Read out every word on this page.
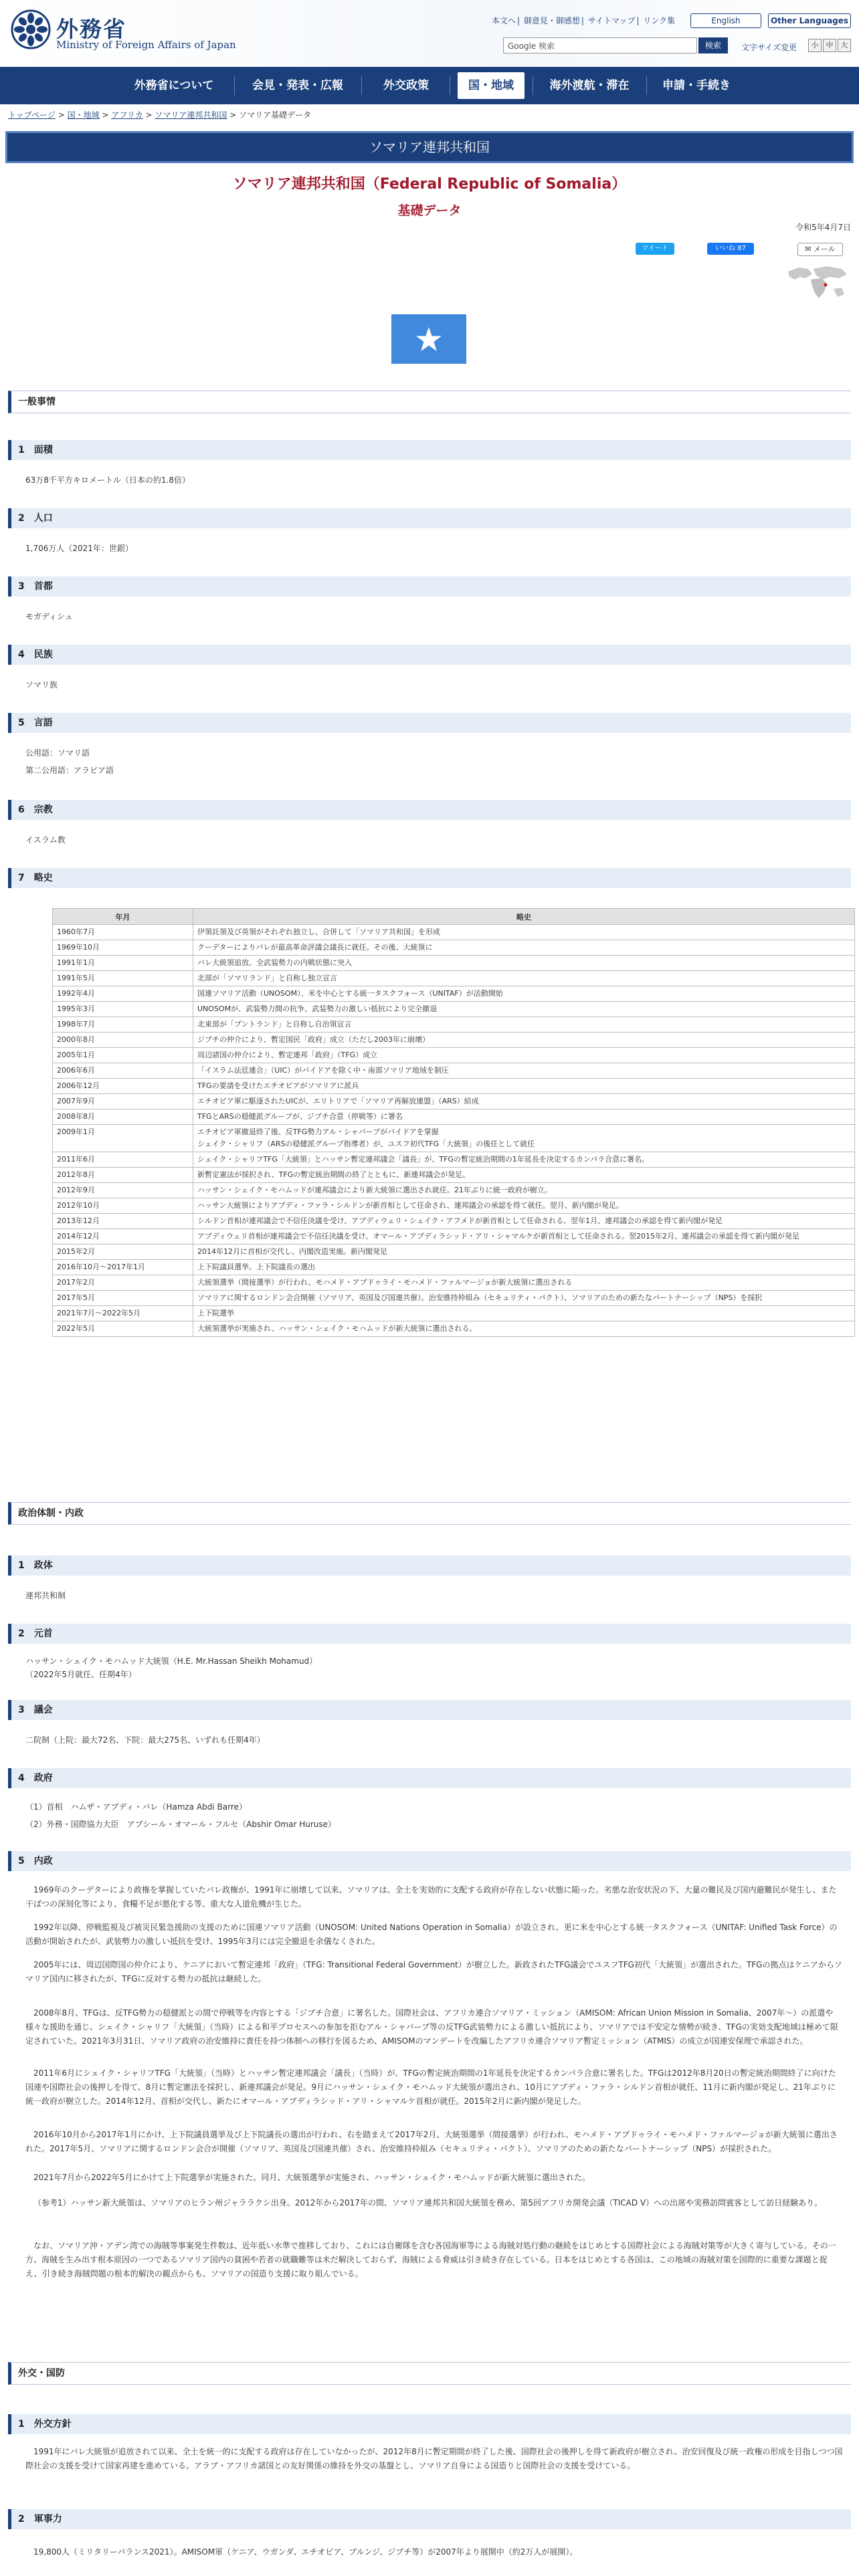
外務省
Ministry of Foreign Affairs of Japan
本文へ | 御意見・御感想 | サイトマップ | リンク集	English	Other Languages
Google 検索	検索	文字サイズ変更	小	中	大
外務省について	会見・発表・広報	外交政策	国・地域	海外渡航・滞在	申請・手続き
トップページ > 国・地域 > アフリカ > ソマリア連邦共和国 > ソマリア基礎データ
ソマリア連邦共和国
ソマリア連邦共和国（Federal Republic of Somalia）
基礎データ
令和5年4月7日
ツイート	いいね 87	✉ メール
一般事情
1　面積
63万8千平方キロメートル（日本の約1.8倍）
2　人口
1,706万人（2021年：世銀）
3　首都
モガディシュ
4　民族
ソマリ族
5　言語
公用語：ソマリ語
第二公用語：アラビア語
6　宗教
イスラム教
7　略史
年月	略史
1960年7月	伊領託領及び英領がそれぞれ独立し、合併して「ソマリア共和国」を形成
1969年10月	クーデターによりバレが最高革命評議会議長に就任。その後、大統領に
1991年1月	バレ大統領追放。全武装勢力の内戦状態に突入
1991年5月	北部が「ソマリランド」と自称し独立宣言
1992年4月	国連ソマリア活動（UNOSOM）、米を中心とする統一タスクフォース（UNITAF）が活動開始
1995年3月	UNOSOMが、武装勢力間の抗争、武装勢力の激しい抵抗により完全撤退
1998年7月	北東部が「プントランド」と自称し自治領宣言
2000年8月	ジブチの仲介により、暫定国民「政府」成立（ただし2003年に崩壊）
2005年1月	周辺諸国の仲介により、暫定連邦「政府」（TFG）成立
2006年6月	「イスラム法廷連合」（UIC）がバイドアを除く中・南部ソマリア地域を制圧
2006年12月	TFGの要請を受けたエチオピアがソマリアに派兵
2007年9月	エチオピア軍に駆逐されたUICが、エリトリアで「ソマリア再解放連盟」（ARS）結成
2008年8月	TFGとARSの穏健派グループが、ジブチ合意（停戦等）に署名
2009年1月	エチオピア軍撤退終了後、反TFG勢力アル・シャバーブがバイドアを掌握
シェイク・シャリフ（ARSの穏健派グループ指導者）が、ユスフ初代TFG「大統領」の後任として就任
2011年6月	シェイク・シャリフTFG「大統領」とハッサン暫定連邦議会「議長」が、TFGの暫定統治期間の1年延長を決定するカンパラ合意に署名。
2012年8月	新暫定憲法が採択され、TFGの暫定統治期間の終了とともに、新連邦議会が発足。
2012年9月	ハッサン・シェイク・モハムッドが連邦議会により新大統領に選出され就任。21年ぶりに統一政府が樹立。
2012年10月	ハッサン大統領によりアブディ・ファラ・シルドンが新首相として任命され、連邦議会の承認を得て就任。翌月、新内閣が発足。
2013年12月	シルドン首相が連邦議会で不信任決議を受け、アブディウェリ・シェイク・アフメドが新首相として任命される。翌年1月、連邦議会の承認を得て新内閣が発足
2014年12月	アブディウェリ首相が連邦議会で不信任決議を受け、オマール・アブディラシッド・アリ・シャマルケが新首相として任命される。翌2015年2月、連邦議会の承認を得て新内閣が発足
2015年2月	2014年12月に首相が交代し、内閣改造実施。新内閣発足
2016年10月～2017年1月	上下院議員選挙。上下院議長の選出
2017年2月	大統領選挙（間接選挙）が行われ、モハメド・アブドゥライ・モハメド・ファルマージョが新大統領に選出される
2017年5月	ソマリアに関するロンドン会合開催（ソマリア、英国及び国連共催）。治安維持枠組み（セキュリティ・パクト）、ソマリアのための新たなパートナーシップ（NPS）を採択
2021年7月～2022年5月	上下院選挙
2022年5月	大統領選挙が実施され、ハッサン・シェイク・モハムッドが新大統領に選出される。
政治体制・内政
1　政体
連邦共和制
2　元首
ハッサン・シェイク・モハムッド大統領（H.E. Mr.Hassan Sheikh Mohamud）
（2022年5月就任、任期4年）
3　議会
二院制（上院：最大72名、下院：最大275名、いずれも任期4年）
4　政府
（1）首相　ハムザ・アブディ・バレ（Hamza Abdi Barre）
（2）外務・国際協力大臣　アブシール・オマール・フルセ（Abshir Omar Huruse）
5　内政
1969年のクーデターにより政権を掌握していたバレ政権が、1991年に崩壊して以来、ソマリアは、全土を実効的に支配する政府が存在しない状態に陥った。劣悪な治安状況の下、大量の難民及び国内避難民が発生し、また干ばつの深刻化等により、食糧不足が悪化する等、重大な人道危機が生じた。
1992年以降、停戦監視及び被災民緊急援助の支援のために国連ソマリア活動（UNOSOM: United Nations Operation in Somalia）が設立され、更に米を中心とする統一タスクフォース（UNITAF: Unified Task Force）の活動が開始されたが、武装勢力の激しい抵抗を受け、1995年3月には完全撤退を余儀なくされた。
2005年には、周辺国際国の仲介により、ケニアにおいて暫定連邦「政府」（TFG: Transitional Federal Government）が樹立した。新政されたTFG議会でユスフTFG初代「大統領」が選出された。TFGの拠点はケニアからソマリア国内に移されたが、TFGに反対する勢力の抵抗は継続した。
2008年8月、TFGは、反TFG勢力の穏健派との間で停戦等を内容とする「ジブチ合意」に署名した。国際社会は、アフリカ連合ソマリア・ミッション（AMISOM: African Union Mission in Somalia、2007年～）の派遣や様々な援助を通じ、シェイク・シャリフ「大統領」（当時）による和平プロセスへの参加を拒むアル・シャバーブ等の反TFG武装勢力による激しい抵抗により、ソマリアでは不安定な情勢が続き、TFGの実効支配地域は極めて限定されていた。2021年3月31日、ソマリア政府の治安維持に責任を持つ体制への移行を図るため、AMISOMのマンデートを改編したアフリカ連合ソマリア暫定ミッション（ATMIS）の成立が国連安保理で承認された。
2011年6月にシェイク・シャリフTFG「大統領」（当時）とハッサン暫定連邦議会「議長」（当時）が、TFGの暫定統治期間の1年延長を決定するカンパラ合意に署名した。TFGは2012年8月20日の暫定統治期間終了に向けた国連や国際社会の後押しを得て、8月に暫定憲法を採択し、新連邦議会が発足。9月にハッサン・シェイク・モハムッド大統領が選出され、10月にアブディ・ファラ・シルドン首相が就任、11月に新内閣が発足し、21年ぶりに統一政府が樹立した。2014年12月、首相が交代し、新たにオマール・アブディラシッド・アリ・シャマルケ首相が就任。2015年2月に新内閣が発足した。
2016年10月から2017年1月にかけ、上下院議員選挙及び上下院議長の選出が行われ、右を踏まえて2017年2月、大統領選挙（間接選挙）が行われ、モハメド・アブドゥライ・モハメド・ファルマージョが新大統領に選出された。2017年5月、ソマリアに関するロンドン会合が開催（ソマリア、英国及び国連共催）され、治安維持枠組み（セキュリティ・パクト）、ソマリアのための新たなパートナーシップ（NPS）が採択された。
2021年7月から2022年5月にかけて上下院選挙が実施された。同月、大統領選挙が実施され、ハッサン・シェイク・モハムッドが新大統領に選出された。
（参考1）ハッサン新大統領は、ソマリアのヒラン州ジャララクシ出身。2012年から2017年の間、ソマリア連邦共和国大統領を務め、第5回アフリカ開発会議（TICAD V）への出席や実務訪問賓客として訪日経験あり。
なお、ソマリア沖・アデン湾での海賊等事案発生件数は、近年低い水準で推移しており、これには自衛隊を含む各国海軍等による海賊対処行動の継続をはじめとする国際社会による海賊対策等が大きく寄与している。その一方、海賊を生み出す根本原因の一つであるソマリア国内の貧困や若者の就職難等は未だ解決しておらず、海賊による脅威は引き続き存在している。日本をはじめとする各国は、この地域の海賊対策を国際的に重要な課題と捉え、引き続き海賊問題の根本的解決の観点からも、ソマリアの国造り支援に取り組んでいる。
外交・国防
1　外交方針
1991年にバレ大統領が追放されて以来、全土を統一的に支配する政府は存在していなかったが、2012年8月に暫定期間が終了した後、国際社会の後押しを得て新政府が樹立され、治安回復及び統一政権の形成を目指しつつ国際社会の支援を受けて国家再建を進めている。アラブ・アフリカ諸国との友好関係の維持を外交の基盤とし、ソマリア自身による国造りと国際社会の支援を受けている。
2　軍事力
19,800人（ミリタリーバランス2021）。AMISOM軍（ケニア、ウガンダ、エチオピア、ブルンジ、ジブチ等）が2007年より展開中（約2万人が展開）。
